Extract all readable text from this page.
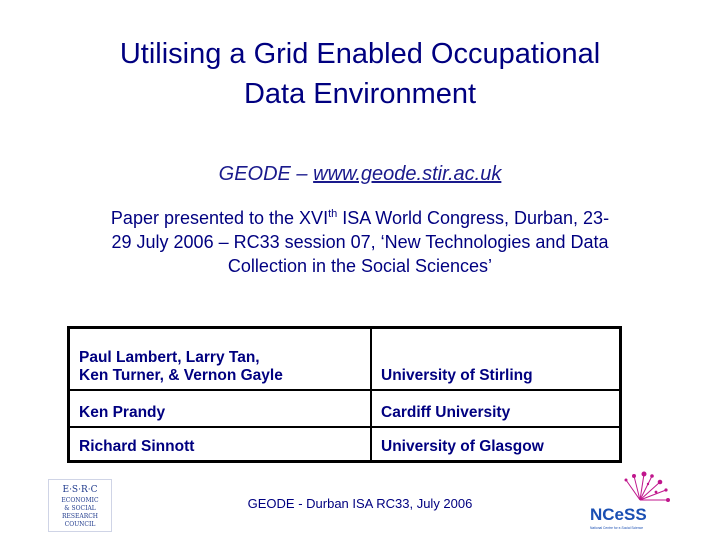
Utilising a Grid Enabled Occupational
Data Environment
GEODE – www.geode.stir.ac.uk
Paper presented to the XVIth ISA World Congress, Durban, 23-
29 July 2006 – RC33 session 07, ‘New Technologies and Data
Collection in the Social Sciences’
Paul Lambert, Larry Tan,
Ken Turner, & Vernon Gayle	University of Stirling
Ken Prandy	Cardiff University
Richard Sinnott	University of Glasgow
E·S·R·C
ECONOMIC
& SOCIAL
RESEARCH
COUNCIL
GEODE - Durban ISA RC33, July 2006
NCeSS
National Centre for e-Social Science
